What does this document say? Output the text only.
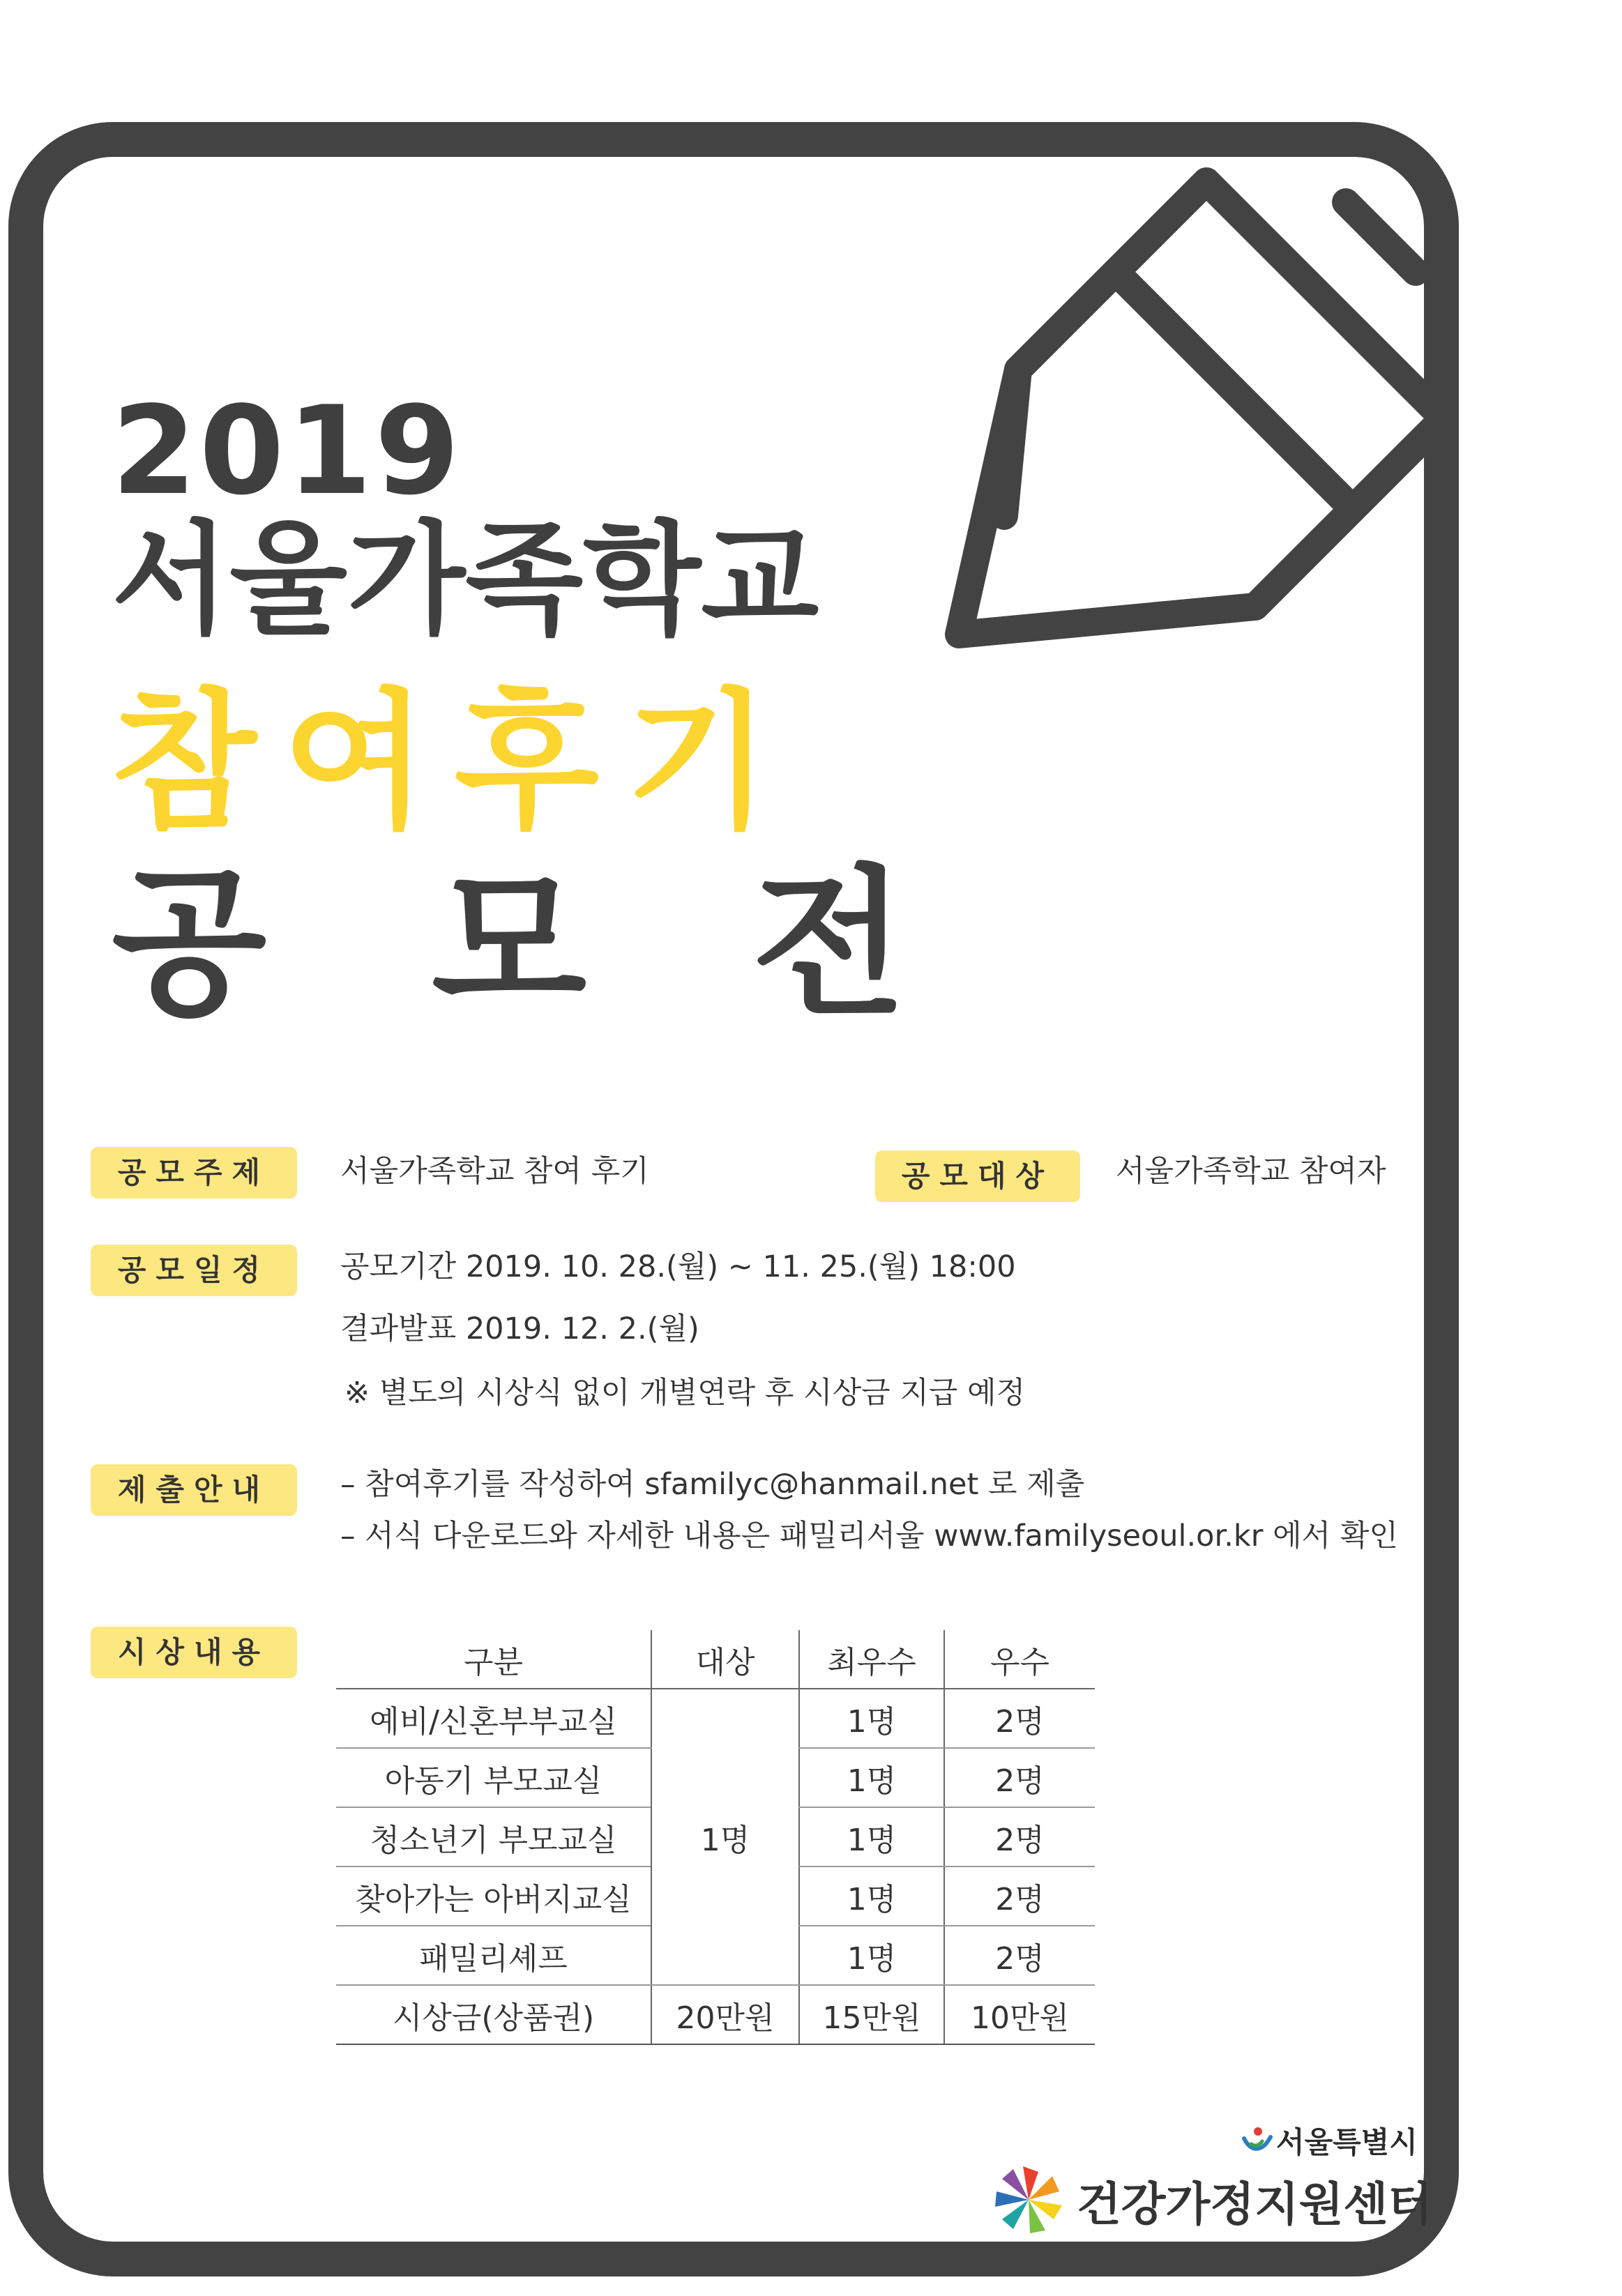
2019
서울가족학교
참여후기
공 모 전
공모주제	서울가족학교 참여 후기	공모대상	서울가족학교 참여자
공모일정	공모기간 2019. 10. 28.(월) ~ 11. 25.(월) 18:00
결과발표 2019. 12. 2.(월)
※ 별도의 시상식 없이 개별연락 후 시상금 지급 예정
제출안내	– 참여후기를 작성하여 sfamilyc@hanmail.net 로 제출
– 서식 다운로드와 자세한 내용은 패밀리서울 www.familyseoul.or.kr 에서 확인
시상내용	구분	대상	최우수	우수
예비/신혼부부교실	1명	1명	2명
아동기 부모교실		1명	2명
청소년기 부모교실		1명	2명
찾아가는 아버지교실		1명	2명
패밀리셰프		1명	2명
시상금(상품권)	20만원	15만원	10만원
서울특별시
건강가정지원센터
